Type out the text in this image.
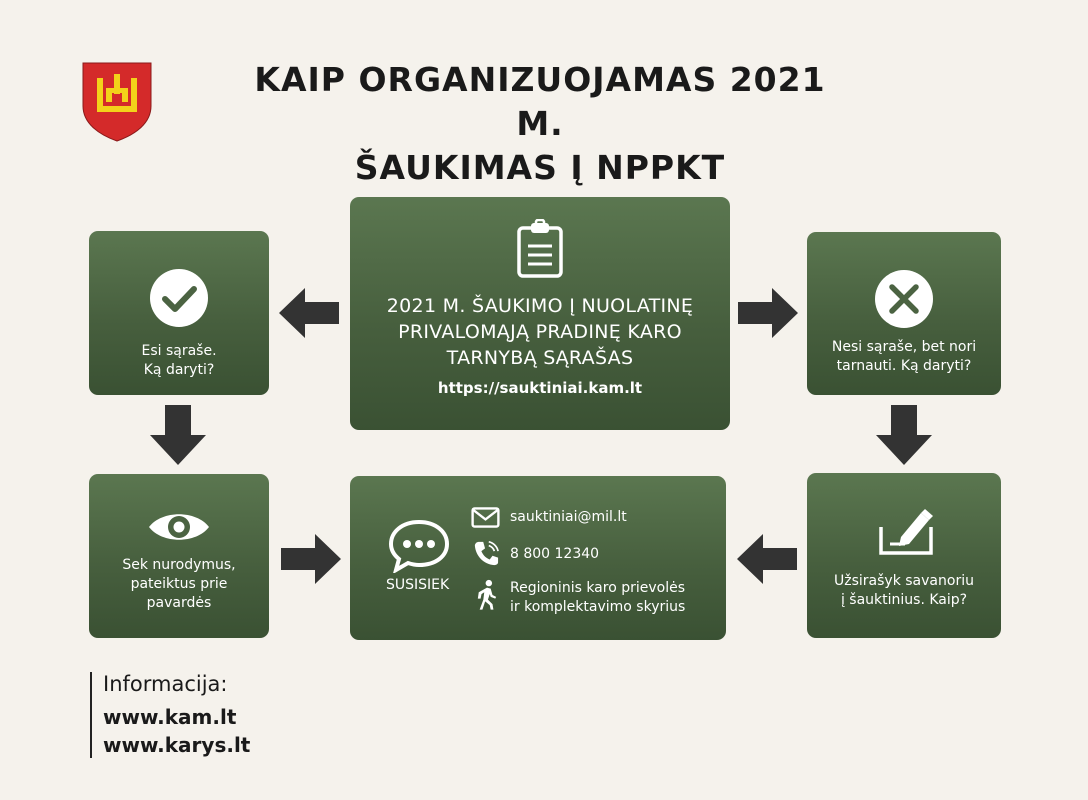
KAIP ORGANIZUOJAMAS 2021 M.
ŠAUKIMAS Į NPPKT
2021 M. ŠAUKIMO Į NUOLATINĘ
PRIVALOMĄJĄ PRADINĘ KARO
TARNYBĄ SĄRAŠAS
https://sauktiniai.kam.lt
Esi sąraše.
Ką daryti?
Nesi sąraše, bet nori
tarnauti. Ką daryti?
Sek nurodymus,
pateiktus prie
pavardės
Užsirašyk savanoriu
į šauktinius. Kaip?
SUSISIEK
sauktiniai@mil.lt
8 800 12340
Regioninis karo prievolės
ir komplektavimo skyrius
Informacija:
www.kam.lt
www.karys.lt
